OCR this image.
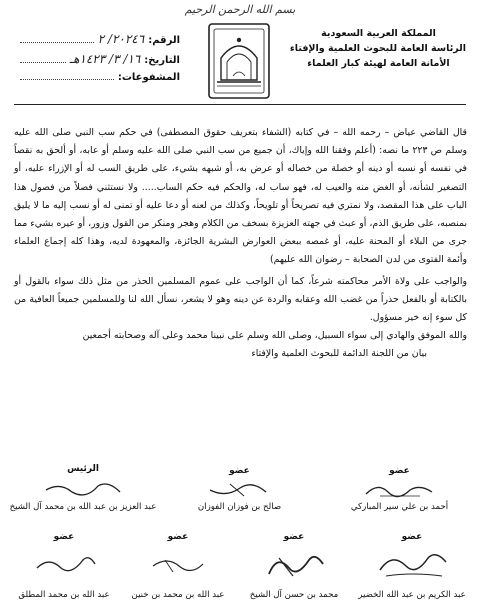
بسم الله الرحمن الرحيم
المملكة العربية السعودية
الرئاسة العامة للبحوث العلمية والإفتاء
الأمانة العامة لهيئة كبار العلماء
الرقم:
٢٠٢٤٦/ ٢
التاريخ:
١٦/ ٣/ ١٤٢٣هـ
المشفوعات:

قال القاضي عياض – رحمه الله – في كتابه (الشفاء بتعريف حقوق المصطفى) في حكم سب النبي صلى الله عليه وسلم ص ٢٢٣ ما نصه: (أعلم وفقنا الله وإياك، أن جميع من سب النبي صلى الله عليه وسلم أو عابه، أو ألحق به نقصاً في نفسه أو نسبه أو دينه أو خصلة من خصاله أو عرض به، أو شبهه بشيء، على طريق السب له أو الإزراء عليه، أو التصغير لشأنه، أو الغض منه والعيب له، فهو ساب له، والحكم فيه حكم الساب..... ولا نستثني فصلاً من فصول هذا الباب على هذا المقصد، ولا نمتري فيه تصريحاً أو تلويحاً، وكذلك من لعنه أو دعا عليه أو تمنى له أو نسب إليه ما لا يليق بمنصبه، على طريق الذم، أو عبث في جهته العزيزة بسخف من الكلام وهجر ومنكر من القول وزور، أو عيره بشيء مما جرى من البلاء أو المحنة عليه، أو غمصه ببعض العوارض البشرية الجائزة، والمعهودة لديه، وهذا كله إجماع العلماء وأئمة الفتوى من لدن الصحابة – رضوان الله عليهم)

والواجب على ولاة الأمر محاكمته شرعاً، كما أن الواجب على عموم المسلمين الحذر من مثل ذلك سواء بالقول أو بالكتابة أو بالفعل حذراً من غضب الله وعقابه والردة عن دينه وهو لا يشعر، نسأل الله لنا وللمسلمين جميعاً العافية من كل سوء إنه خير مسؤول.

والله الموفق والهادي إلى سواء السبيل، وصلى الله وسلم على نبينا محمد وعلى آله وصحابته أجمعين

بيان من اللجنة الدائمة للبحوث العلمية والإفتاء

عضو
أحمد بن علي سير المباركي
عضو
صالح بن فوزان الفوزان
الرئيس
عبد العزيز بن عبد الله بن محمد آل الشيخ
عضو
عبد الكريم بن عبد الله الخضير
عضو
محمد بن حسن آل الشيخ
عضو
عبد الله بن محمد بن خنين
عضو
عبد الله بن محمد المطلق
